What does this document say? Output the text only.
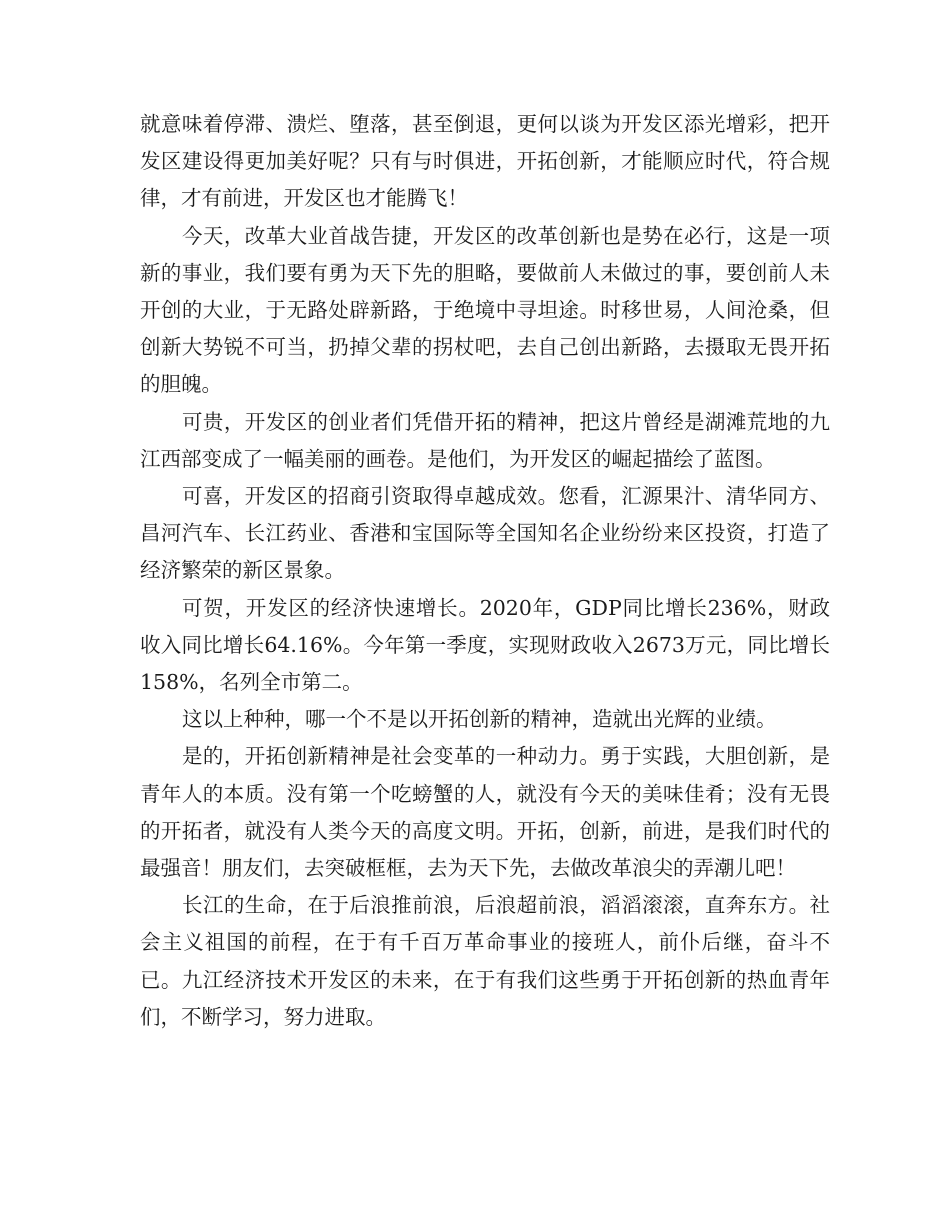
就意味着停滞、溃烂、堕落，甚至倒退，更何以谈为开发区添光增彩，把开发区建设得更加美好呢？只有与时俱进，开拓创新，才能顺应时代，符合规律，才有前进，开发区也才能腾飞！

今天，改革大业首战告捷，开发区的改革创新也是势在必行，这是一项新的事业，我们要有勇为天下先的胆略，要做前人未做过的事，要创前人未开创的大业，于无路处辟新路，于绝境中寻坦途。时移世易，人间沧桑，但创新大势锐不可当，扔掉父辈的拐杖吧，去自己创出新路，去摄取无畏开拓的胆魄。

可贵，开发区的创业者们凭借开拓的精神，把这片曾经是湖滩荒地的九江西部变成了一幅美丽的画卷。是他们，为开发区的崛起描绘了蓝图。

可喜，开发区的招商引资取得卓越成效。您看，汇源果汁、清华同方、昌河汽车、长江药业、香港和宝国际等全国知名企业纷纷来区投资，打造了经济繁荣的新区景象。

可贺，开发区的经济快速增长。2020年，GDP同比增长236%，财政收入同比增长64.16%。今年第一季度，实现财政收入2673万元，同比增长158%，名列全市第二。

这以上种种，哪一个不是以开拓创新的精神，造就出光辉的业绩。

是的，开拓创新精神是社会变革的一种动力。勇于实践，大胆创新，是青年人的本质。没有第一个吃螃蟹的人，就没有今天的美味佳肴；没有无畏的开拓者，就没有人类今天的高度文明。开拓，创新，前进，是我们时代的最强音！朋友们，去突破框框，去为天下先，去做改革浪尖的弄潮儿吧！

长江的生命，在于后浪推前浪，后浪超前浪，滔滔滚滚，直奔东方。社会主义祖国的前程，在于有千百万革命事业的接班人，前仆后继，奋斗不已。九江经济技术开发区的未来，在于有我们这些勇于开拓创新的热血青年们，不断学习，努力进取。
